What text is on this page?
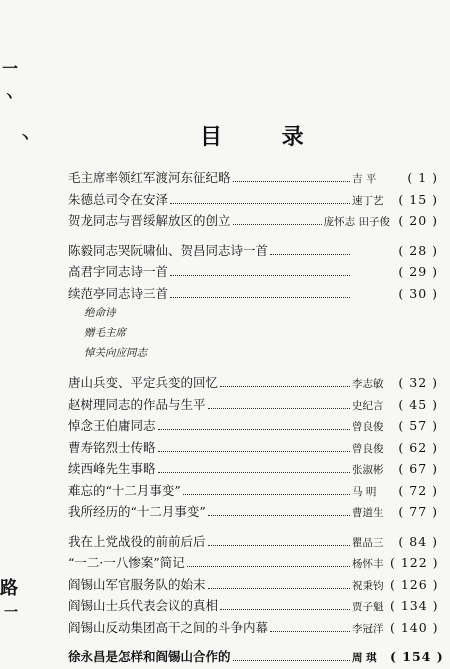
一
ヽ
丶
路
一
目 录
毛主席率领红军渡河东征纪略	吉 平	( 1 )
朱德总司令在安泽	速丁艺	( 15 )
贺龙同志与晋绥解放区的创立	庞怀志 田子俊 ( 20 )
陈毅同志哭阮啸仙、贺昌同志诗一首	( 28 )
高君宇同志诗一首	( 29 )
续范亭同志诗三首	( 30 )
绝命诗
赠毛主席
悼关向应同志
唐山兵变、平定兵变的回忆	李志敏	( 32 )
赵树理同志的作品与生平	史纪言	( 45 )
悼念王伯庸同志	曾良俊	( 57 )
曹寿铭烈士传略	曾良俊	( 62 )
续西峰先生事略	张淑彬	( 67 )
难忘的“十二月事变”	马 明	( 72 )
我所经历的“十二月事变”	曹道生	( 77 )
我在上党战役的前前后后	瞿品三	( 84 )
“一二·一八惨案”简记	杨怀丰 ( 122 )
阎锡山军官服务队的始末	祝秉钧 ( 126 )
阎锡山士兵代表会议的真相	贾子魁 ( 134 )
阎锡山反动集团高干之间的斗争内幕	李冠洋 ( 140 )
徐永昌是怎样和阎锡山合作的	周 琪	( 154 )
